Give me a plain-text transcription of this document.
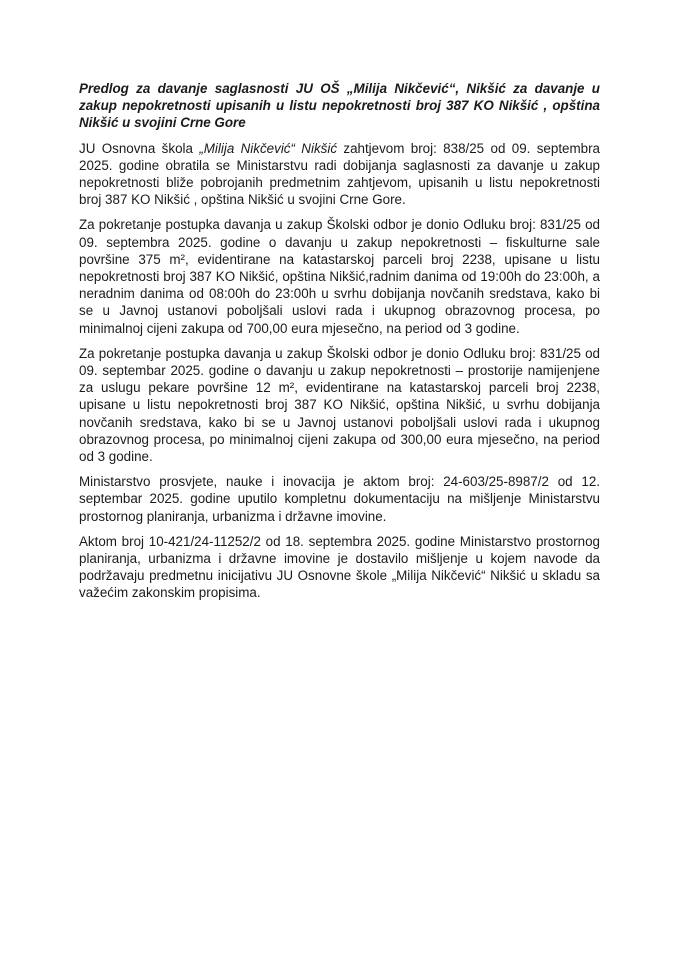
Predlog za davanje saglasnosti JU OŠ „Milija Nikčević“, Nikšić za davanje u zakup nepokretnosti upisanih u listu nepokretnosti broj 387 KO Nikšić , opština Nikšić u svojini Crne Gore

JU Osnovna škola „Milija Nikčević“ Nikšić zahtjevom broj: 838/25 od 09. septembra 2025. godine obratila se Ministarstvu radi dobijanja saglasnosti za davanje u zakup nepokretnosti bliže pobrojanih predmetnim zahtjevom, upisanih u listu nepokretnosti broj 387 KO Nikšić , opština Nikšić u svojini Crne Gore.

Za pokretanje postupka davanja u zakup Školski odbor je donio Odluku broj: 831/25 od 09. septembra 2025. godine o davanju u zakup nepokretnosti – fiskulturne sale površine 375 m², evidentirane na katastarskoj parceli broj 2238, upisane u listu nepokretnosti broj 387 KO Nikšić, opština Nikšić,radnim danima od 19:00h do 23:00h, a neradnim danima od 08:00h do 23:00h u svrhu dobijanja novčanih sredstava, kako bi se u Javnoj ustanovi poboljšali uslovi rada i ukupnog obrazovnog procesa, po minimalnoj cijeni zakupa od 700,00 eura mjesečno, na period od 3 godine.

Za pokretanje postupka davanja u zakup Školski odbor je donio Odluku broj: 831/25 od 09. septembar 2025. godine o davanju u zakup nepokretnosti – prostorije namijenjene za uslugu pekare površine 12 m², evidentirane na katastarskoj parceli broj 2238, upisane u listu nepokretnosti broj 387 KO Nikšić, opština Nikšić, u svrhu dobijanja novčanih sredstava, kako bi se u Javnoj ustanovi poboljšali uslovi rada i ukupnog obrazovnog procesa, po minimalnoj cijeni zakupa od 300,00 eura mjesečno, na period od 3 godine.

Ministarstvo prosvjete, nauke i inovacija je aktom broj: 24-603/25-8987/2 od 12. septembar 2025. godine uputilo kompletnu dokumentaciju na mišljenje Ministarstvu prostornog planiranja, urbanizma i državne imovine.

Aktom broj 10-421/24-11252/2 od 18. septembra 2025. godine Ministarstvo prostornog planiranja, urbanizma i državne imovine je dostavilo mišljenje u kojem navode da podržavaju predmetnu inicijativu JU Osnovne škole „Milija Nikčević“ Nikšić u skladu sa važećim zakonskim propisima.
